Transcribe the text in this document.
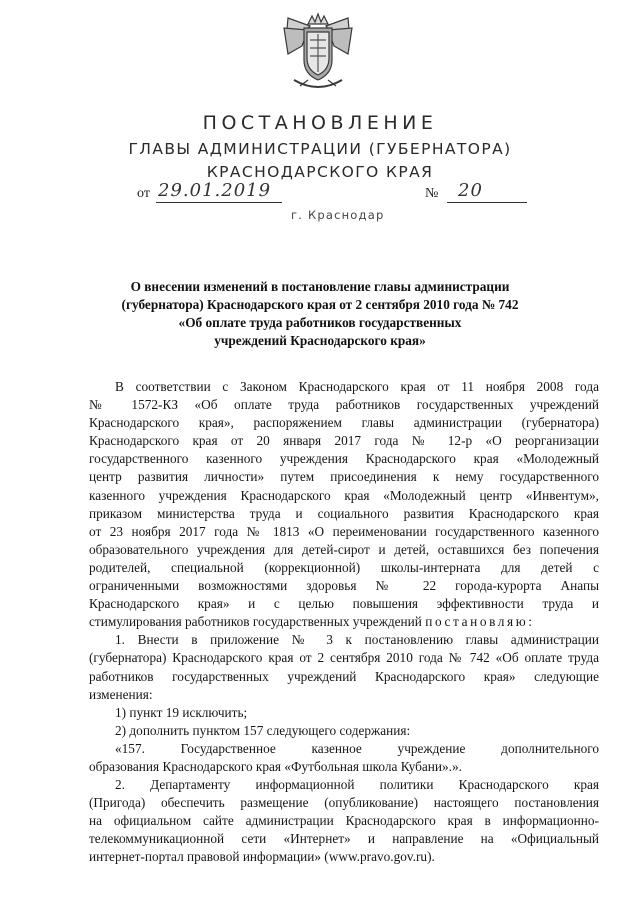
ПОСТАНОВЛЕНИЕ
ГЛАВЫ АДМИНИСТРАЦИИ (ГУБЕРНАТОРА)
КРАСНОДАРСКОГО КРАЯ
от 29.01.2019	№ 20
г. Краснодар
О внесении изменений в постановление главы администрации
(губернатора) Краснодарского края от 2 сентября 2010 года № 742
«Об оплате труда работников государственных
учреждений Краснодарского края»
В соответствии с Законом Краснодарского края от 11 ноября 2008 года
№ 1572-КЗ «Об оплате труда работников государственных учреждений
Краснодарского края», распоряжением главы администрации (губернатора)
Краснодарского края от 20 января 2017 года № 12-р «О реорганизации
государственного казенного учреждения Краснодарского края «Молодежный
центр развития личности» путем присоединения к нему государственного
казенного учреждения Краснодарского края «Молодежный центр «Инвентум»,
приказом министерства труда и социального развития Краснодарского края
от 23 ноября 2017 года № 1813 «О переименовании государственного казенного
образовательного учреждения для детей-сирот и детей, оставшихся без попечения
родителей, специальной (коррекционной) школы-интерната для детей с
ограниченными возможностями здоровья № 22 города-курорта Анапы
Краснодарского края» и с целью повышения эффективности труда и
стимулирования работников государственных учреждений постановляю:
1. Внести в приложение № 3 к постановлению главы администрации
(губернатора) Краснодарского края от 2 сентября 2010 года № 742 «Об оплате труда
работников государственных учреждений Краснодарского края» следующие
изменения:
1) пункт 19 исключить;
2) дополнить пунктом 157 следующего содержания:
«157. Государственное казенное учреждение дополнительного
образования Краснодарского края «Футбольная школа Кубани».».
2. Департаменту информационной политики Краснодарского края
(Пригода) обеспечить размещение (опубликование) настоящего постановления
на официальном сайте администрации Краснодарского края в информационно-
телекоммуникационной сети «Интернет» и направление на «Официальный
интернет-портал правовой информации» (www.pravo.gov.ru).
